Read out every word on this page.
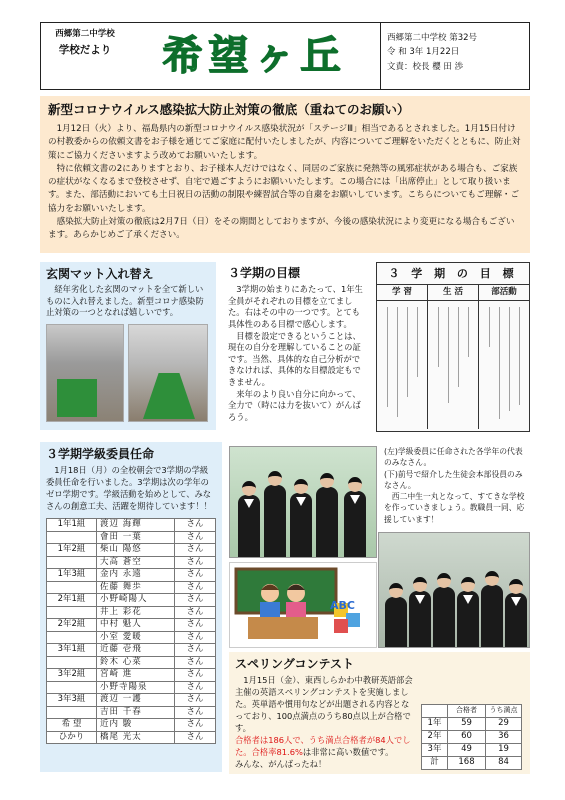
西郷第二中学校
学校だより	希望ヶ丘	西郷第二中学校 第32号
令 和 3年 1月22日
文責：校長 櫻 田 渉
新型コロナウイルス感染拡大防止対策の徹底（重ねてのお願い）

1月12日（火）より、福島県内の新型コロナウイルス感染状況が「ステージⅢ」相当であるとされました。1月15日付けの村教委からの依頼文書をお子様を通じてご家庭に配付いたしましたが、内容についてご理解をいただくとともに、防止対策にご協力くださいますよう改めてお願いいたします。

特に依頼文書の2にありますとおり、お子様本人だけではなく、同居のご家族に発熱等の風邪症状がある場合も、ご家族の症状がなくなるまで登校させず、自宅で過ごすようにお願いいたします。この場合には「出席停止」として取り扱います。また、部活動においても土日祝日の活動の制限や練習試合等の自粛をお願いしています。こちらについてもご理解・ご協力をお願いいたします。

感染拡大防止対策の徹底は2月7日（日）をその期間としておりますが、今後の感染状況により変更になる場合もございます。あらかじめご了承ください。

玄関マット入れ替え

経年劣化した玄関のマットを全て新しいものに入れ替えました。新型コロナ感染防止対策の一つとなれば嬉しいです。

３学期の目標

3学期の始まりにあたって、1年生全員がそれぞれの目標を立てました。右はその中の一つです。とても具体性のある目標で感心します。

目標を設定できるということは、現在の自分を理解していることの証です。当然、具体的な自己分析ができなければ、具体的な目標設定もできません。

来年のより良い自分に向かって、全力で（時には力を抜いて）がんばろう。

３ 学 期 の 目 標
学 習	生 活	部活動
３学期学級委員任命

1月18日（月）の全校朝会で3学期の学級委員任命を行いました。3学期は次の学年のゼロ学期です。学級活動を始めとして、みなさんの創意工夫、活躍を期待しています！！

1年1組	渡辺 海輝	さん
	會田 一葉	さん
1年2組	柴山 陽悠	さん
	大高 蒼空	さん
1年3組	金内 永遠	さん
	佐藤 舞歩	さん
2年1組	小野崎陽人	さん
	井上 彩花	さん
2年2組	中村 魁人	さん
	小室 愛暖	さん
3年1組	近藤 壱飛	さん
	鈴木 心菜	さん
3年2組	宮崎 進	さん
	小野寺陽泉	さん
3年3組	渡辺 一護	さん
	吉田 千春	さん
希 望	近内 駿	さん
ひかり	橋尾 光太	さん
(左)学級委員に任命された各学年の代表のみなさん。
(下)前号で紹介した生徒会本部役員のみなさん。
西二中生一丸となって、すてきな学校を作っていきましょう。教職員一同、応援しています！
ABC
スペリングコンテスト

1月15日（金）、東西しらかわ中教研英語部会主催の英語スペリングコンテストを実施しました。英単語や慣用句などが出題される内容となっており、100点満点のうち80点以上が合格です。

合格者は186人で、うち満点合格者が84人でした。合格率81.6%は非常に高い数値です。

みんな、がんばったね！

	合格者	うち満点
1年	59	29
2年	60	36
3年	49	19
計	168	84
